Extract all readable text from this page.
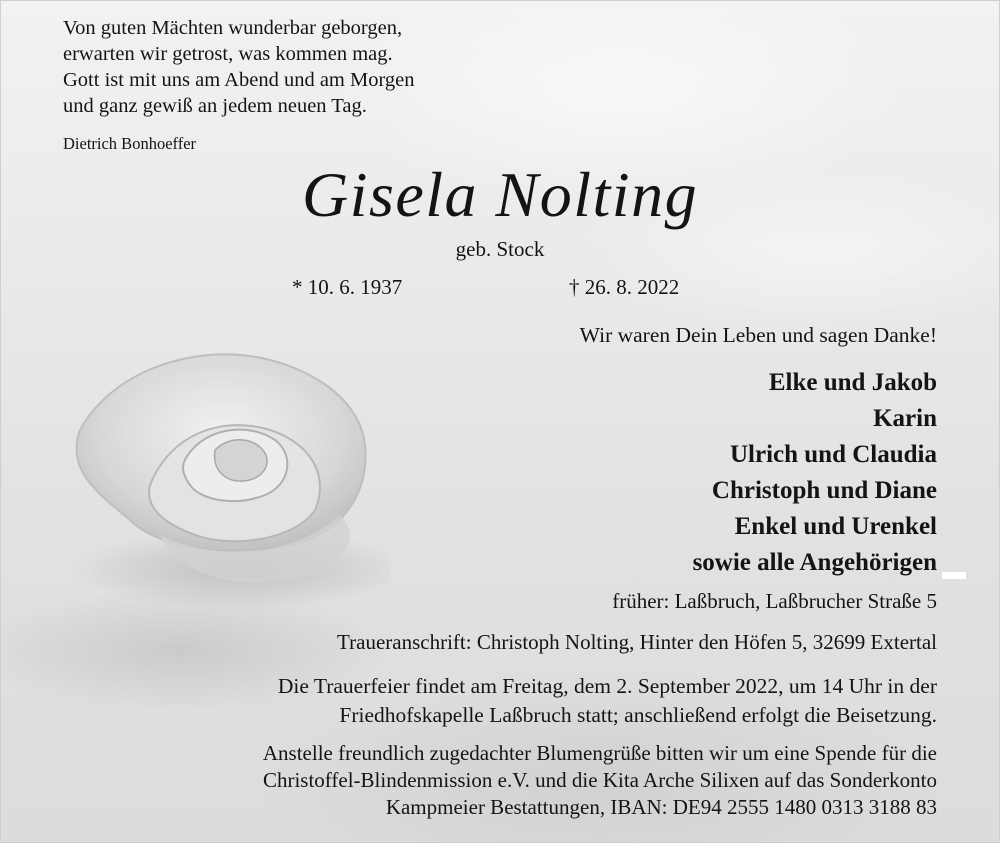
Von guten Mächten wunderbar geborgen,
erwarten wir getrost, was kommen mag.
Gott ist mit uns am Abend und am Morgen
und ganz gewiß an jedem neuen Tag.
Dietrich Bonhoeffer
Gisela Nolting
geb. Stock
* 10. 6. 1937	† 26. 8. 2022
Wir waren Dein Leben und sagen Danke!
Elke und Jakob
Karin
Ulrich und Claudia
Christoph und Diane
Enkel und Urenkel
sowie alle Angehörigen
früher: Laßbruch, Laßbrucher Straße 5
Traueranschrift: Christoph Nolting, Hinter den Höfen 5, 32699 Extertal
Die Trauerfeier findet am Freitag, dem 2. September 2022, um 14 Uhr in der
Friedhofskapelle Laßbruch statt; anschließend erfolgt die Beisetzung.
Anstelle freundlich zugedachter Blumengrüße bitten wir um eine Spende für die
Christoffel-Blindenmission e.V. und die Kita Arche Silixen auf das Sonderkonto
Kampmeier Bestattungen, IBAN: DE94 2555 1480 0313 3188 83
